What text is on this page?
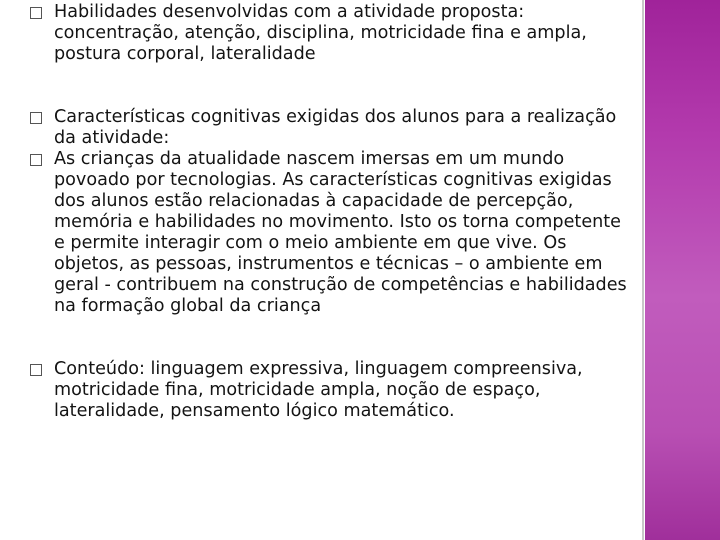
Habilidades desenvolvidas com a atividade proposta: concentração, atenção, disciplina, motricidade fina e ampla, postura corporal, lateralidade

Características cognitivas exigidas dos alunos para a realização da atividade:

As crianças da atualidade nascem imersas em um mundo povoado por tecnologias. As características cognitivas exigidas dos alunos estão relacionadas à capacidade de percepção, memória e habilidades no movimento. Isto os torna competente e permite interagir com o meio ambiente em que vive. Os objetos, as pessoas, instrumentos e técnicas – o ambiente em geral - contribuem na construção de competências e habilidades na formação global da criança

Conteúdo: linguagem expressiva, linguagem compreensiva, motricidade fina, motricidade ampla, noção de espaço, lateralidade, pensamento lógico matemático.
